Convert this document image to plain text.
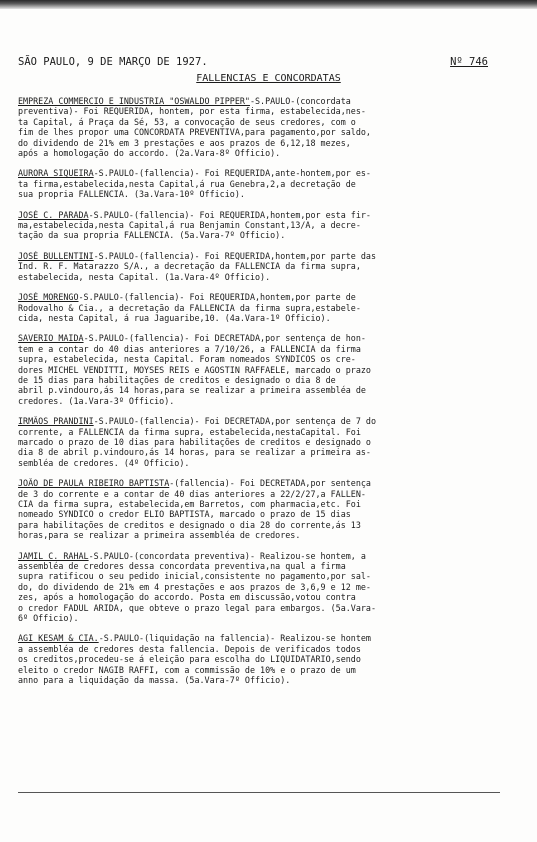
SÃO PAULO, 9 DE MARÇO DE 1927.	Nº 746
FALLENCIAS E CONCORDATAS
EMPREZA COMMERCIO E INDUSTRIA "OSWALDO PIPPER"-S.PAULO-(concordata
preventiva)- Foi REQUERIDA, hontem, por esta firma, estabelecida,nes-
ta Capital, á Praça da Sé, 53, a convocação de seus credores, com o
fim de lhes propor uma CONCORDATA PREVENTIVA,para pagamento,por saldo,
do dividendo de 21% em 3 prestações e aos prazos de 6,12,18 mezes,
após a homologação do accordo. (2a.Vara-8º Officio).
AURORA SIQUEIRA-S.PAULO-(fallencia)- Foi REQUERIDA,ante-hontem,por es-
ta firma,estabelecida,nesta Capital,á rua Genebra,2,a decretação de
sua propria FALLENCIA. (3a.Vara-10º Officio).
JOSÉ C. PARADA-S.PAULO-(fallencia)- Foi REQUERIDA,hontem,por esta fir-
ma,estabelecida,nesta Capital,á rua Benjamin Constant,13/A, a decre-
tação da sua propria FALLENCIA. (5a.Vara-7º Officio).
JOSÉ BULLENTINI-S.PAULO-(fallencia)- Foi REQUERIDA,hontem,por parte das
Ind. R. F. Matarazzo S/A., a decretação da FALLENCIA da firma supra,
estabelecida, nesta Capital. (1a.Vara-4º Officio).
JOSÉ MORENGO-S.PAULO-(fallencia)- Foi REQUERIDA,hontem,por parte de
Rodovalho & Cia., a decretação da FALLENCIA da firma supra,estabele-
cida, nesta Capital, á rua Jaguaribe,10. (4a.Vara-1º Officio).
SAVERIO MAIDA-S.PAULO-(fallencia)- Foi DECRETADA,por sentença de hon-
tem e a contar do 40 dias anteriores a 7/10/26, a FALLENCIA da firma
supra, estabelecida, nesta Capital. Foram nomeados SYNDICOS os cre-
dores MICHEL VENDITTI, MOYSES REIS e AGOSTIN RAFFAELE, marcado o prazo
de 15 dias para habilitações de creditos e designado o dia 8 de
abril p.vindouro,ás 14 horas,para se realizar a primeira assembléa de
credores. (1a.Vara-3º Officio).
IRMÃOS PRANDINI-S.PAULO-(fallencia)- Foi DECRETADA,por sentença de 7 do
corrente, a FALLENCIA da firma supra, estabelecida,nestaCapital. Foi
marcado o prazo de 10 dias para habilitações de creditos e designado o
dia 8 de abril p.vindouro,ás 14 horas, para se realizar a primeira as-
sembléa de credores. (4º Officio).
JOÃO DE PAULA RIBEIRO BAPTISTA-(fallencia)- Foi DECRETADA,por sentença
de 3 do corrente e a contar de 40 dias anteriores a 22/2/27,a FALLEN-
CIA da firma supra, estabelecida,em Barretos, com pharmacia,etc. Foi
nomeado SYNDICO o credor ELIO BAPTISTA, marcado o prazo de 15 dias
para habilitações de creditos e designado o dia 28 do corrente,ás 13
horas,para se realizar a primeira assembléa de credores.
JAMIL C. RAHAL-S.PAULO-(concordata preventiva)- Realizou-se hontem, a
assembléa de credores dessa concordata preventiva,na qual a firma
supra ratificou o seu pedido inicial,consistente no pagamento,por sal-
do, do dividendo de 21% em 4 prestações e aos prazos de 3,6,9 e 12 me-
zes, após a homologação do accordo. Posta em discussão,votou contra
o credor FADUL ARIDA, que obteve o prazo legal para embargos. (5a.Vara-
6º Officio).
AGI KESAM & CIA.-S.PAULO-(liquidação na fallencia)- Realizou-se hontem
a assembléa de credores desta fallencia. Depois de verificados todos
os creditos,procedeu-se á eleição para escolha do LIQUIDATARIO,sendo
eleito o credor NAGIB RAFFI, com a commissão de 10% e o prazo de um
anno para a liquidação da massa. (5a.Vara-7º Officio).
